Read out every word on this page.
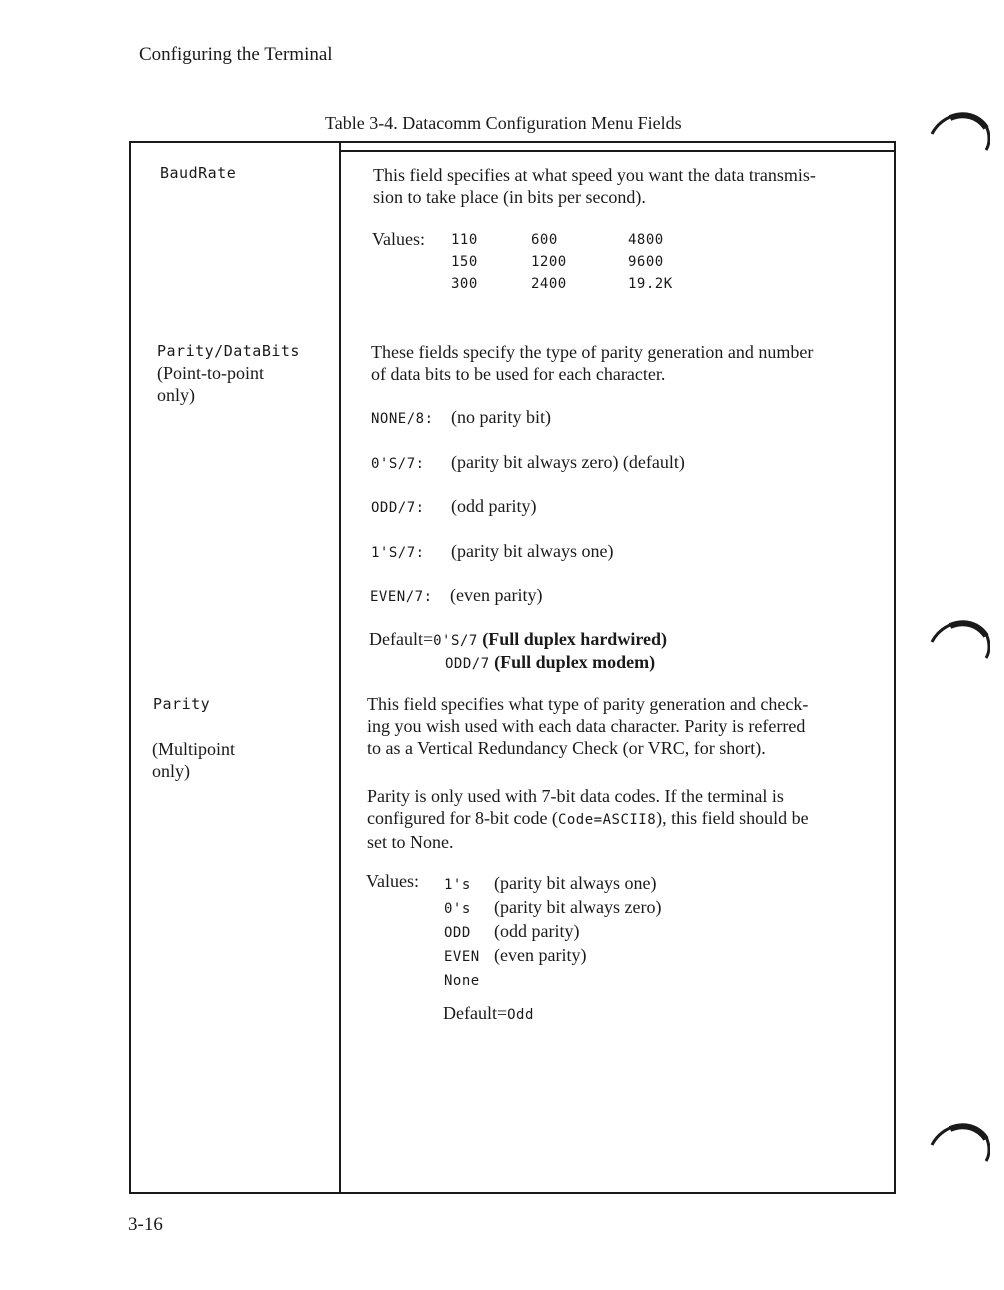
Configuring the Terminal
Table 3-4. Datacomm Configuration Menu Fields
BaudRate	This field specifies at what speed you want the data transmis-
sion to take place (in bits per second).
Values: 110	600	4800
150	1200	9600
300	2400	19.2K
Parity/DataBits
(Point-to-point
only)
These fields specify the type of parity generation and number
of data bits to be used for each character.
NONE/8: (no parity bit)
0'S/7: (parity bit always zero) (default)
ODD/7: (odd parity)
1'S/7: (parity bit always one)
EVEN/7: (even parity)
Default=0'S/7 (Full duplex hardwired)
ODD/7 (Full duplex modem)
Parity
(Multipoint
only)
This field specifies what type of parity generation and check-
ing you wish used with each data character. Parity is referred
to as a Vertical Redundancy Check (or VRC, for short).
Parity is only used with 7-bit data codes. If the terminal is
configured for 8-bit code (Code=ASCII8), this field should be
set to None.
Values: 1's (parity bit always one)
0's (parity bit always zero)
ODD (odd parity)
EVEN (even parity)
None
Default=Odd
3-16
